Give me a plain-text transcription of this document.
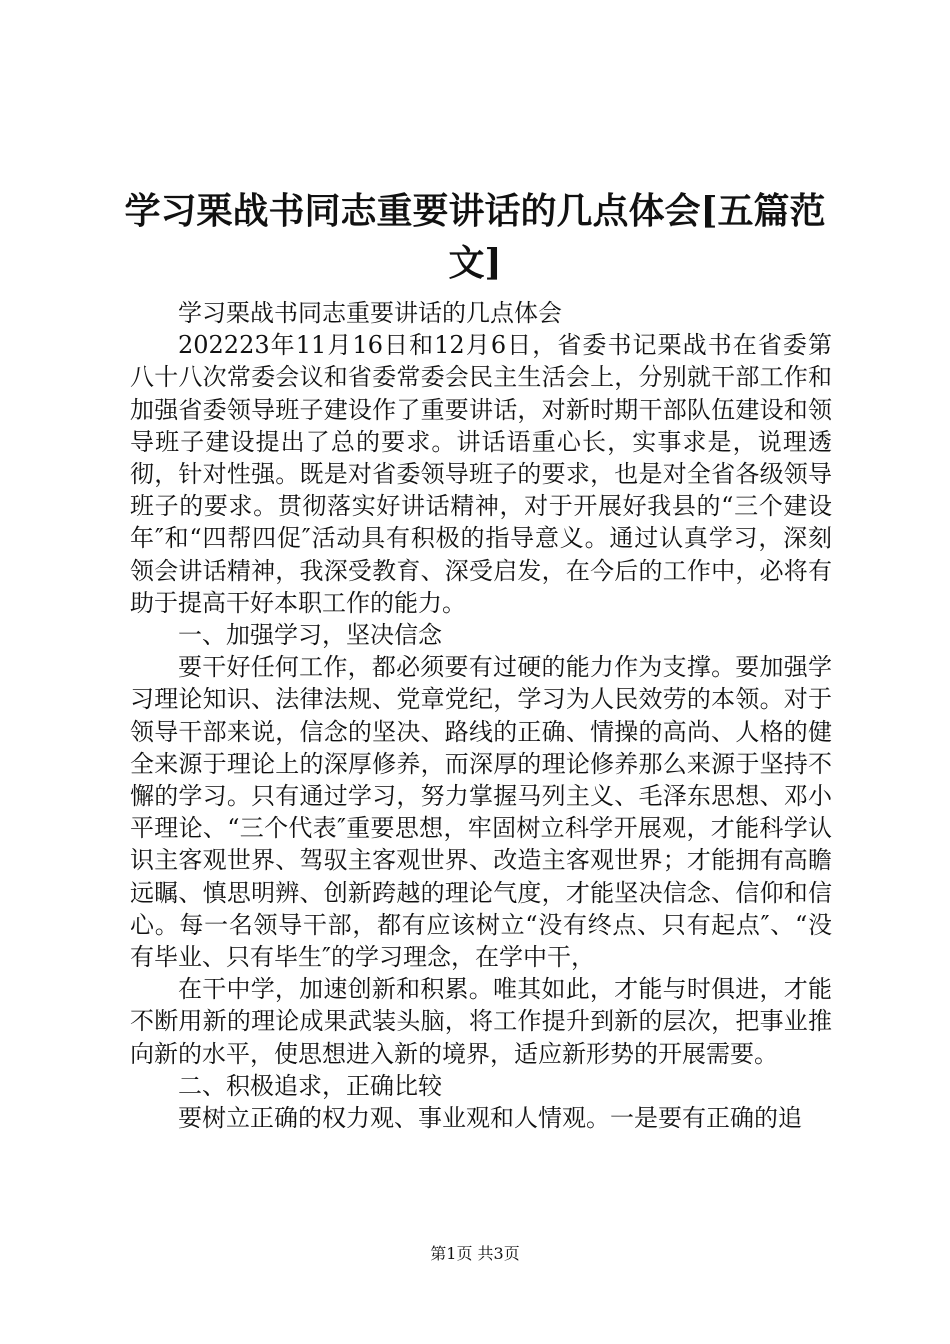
学习栗战书同志重要讲话的几点体会[五篇范
文]

学习栗战书同志重要讲话的几点体会

202223年11月16日和12月6日，省委书记栗战书在省委第八十八次常委会议和省委常委会民主生活会上，分别就干部工作和加强省委领导班子建设作了重要讲话，对新时期干部队伍建设和领导班子建设提出了总的要求。讲话语重心长，实事求是，说理透彻，针对性强。既是对省委领导班子的要求，也是对全省各级领导班子的要求。贯彻落实好讲话精神，对于开展好我县的“三个建设年″和“四帮四促″活动具有积极的指导意义。通过认真学习，深刻领会讲话精神，我深受教育、深受启发，在今后的工作中，必将有助于提高干好本职工作的能力。

一、加强学习，坚决信念

要干好任何工作，都必须要有过硬的能力作为支撑。要加强学习理论知识、法律法规、党章党纪，学习为人民效劳的本领。对于领导干部来说，信念的坚决、路线的正确、情操的高尚、人格的健全来源于理论上的深厚修养，而深厚的理论修养那么来源于坚持不懈的学习。只有通过学习，努力掌握马列主义、毛泽东思想、邓小平理论、“三个代表″重要思想，牢固树立科学开展观，才能科学认识主客观世界、驾驭主客观世界、改造主客观世界；才能拥有高瞻远瞩、慎思明辨、创新跨越的理论气度，才能坚决信念、信仰和信心。每一名领导干部，都有应该树立“没有终点、只有起点″、“没有毕业、只有毕生″的学习理念，在学中干，

在干中学，加速创新和积累。唯其如此，才能与时俱进，才能不断用新的理论成果武装头脑，将工作提升到新的层次，把事业推向新的水平，使思想进入新的境界，适应新形势的开展需要。

二、积极追求，正确比较

要树立正确的权力观、事业观和人情观。一是要有正确的追

第1页 共3页
